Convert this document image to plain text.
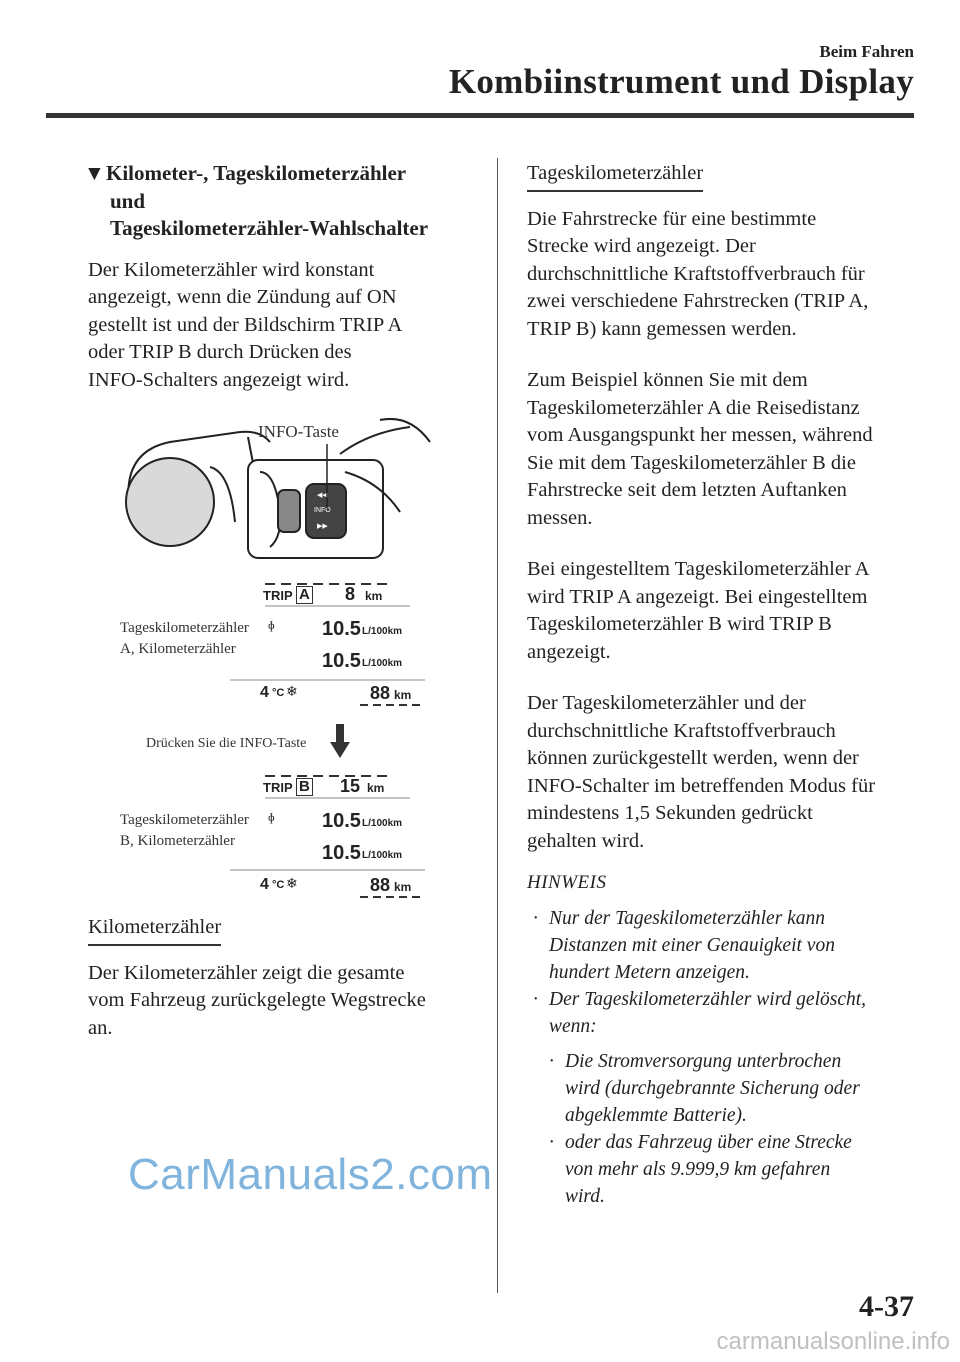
Beim Fahren
Kombiinstrument und Display
▼Kilometer-, Tageskilometerzähler
und
Tageskilometerzähler-Wahlschalter
Der Kilometerzähler wird konstant
angezeigt, wenn die Zündung auf ON
gestellt ist und der Bildschirm TRIP A
oder TRIP B durch Drücken des
INFO-Schalters angezeigt wird.
◀◀
INFO
▶▶
INFO-Taste
TRIP A 8 km
ɸ 10.5 L/100km
10.5 L/100km
4 °C ❄	88 km
Tageskilometerzähler
A, Kilometerzähler
Drücken Sie die INFO-Taste
TRIP B 15 km
ɸ 10.5 L/100km
10.5 L/100km
4 °C ❄	88 km
Tageskilometerzähler
B, Kilometerzähler
Kilometerzähler
Der Kilometerzähler zeigt die gesamte
vom Fahrzeug zurückgelegte Wegstrecke
an.
Tageskilometerzähler
Die Fahrstrecke für eine bestimmte
Strecke wird angezeigt. Der
durchschnittliche Kraftstoffverbrauch für
zwei verschiedene Fahrstrecken (TRIP A,
TRIP B) kann gemessen werden.
Zum Beispiel können Sie mit dem
Tageskilometerzähler A die Reisedistanz
vom Ausgangspunkt her messen, während
Sie mit dem Tageskilometerzähler B die
Fahrstrecke seit dem letzten Auftanken
messen.
Bei eingestelltem Tageskilometerzähler A
wird TRIP A angezeigt. Bei eingestelltem
Tageskilometerzähler B wird TRIP B
angezeigt.
Der Tageskilometerzähler und der
durchschnittliche Kraftstoffverbrauch
können zurückgestellt werden, wenn der
INFO-Schalter im betreffenden Modus für
mindestens 1,5 Sekunden gedrückt
gehalten wird.
HINWEIS
· Nur der Tageskilometerzähler kann
Distanzen mit einer Genauigkeit von
hundert Metern anzeigen.
· Der Tageskilometerzähler wird gelöscht,
wenn:
· Die Stromversorgung unterbrochen
wird (durchgebrannte Sicherung oder
abgeklemmte Batterie).
· oder das Fahrzeug über eine Strecke
von mehr als 9.999,9 km gefahren
wird.
CarManuals2.com
4-37
carmanualsonline.info
